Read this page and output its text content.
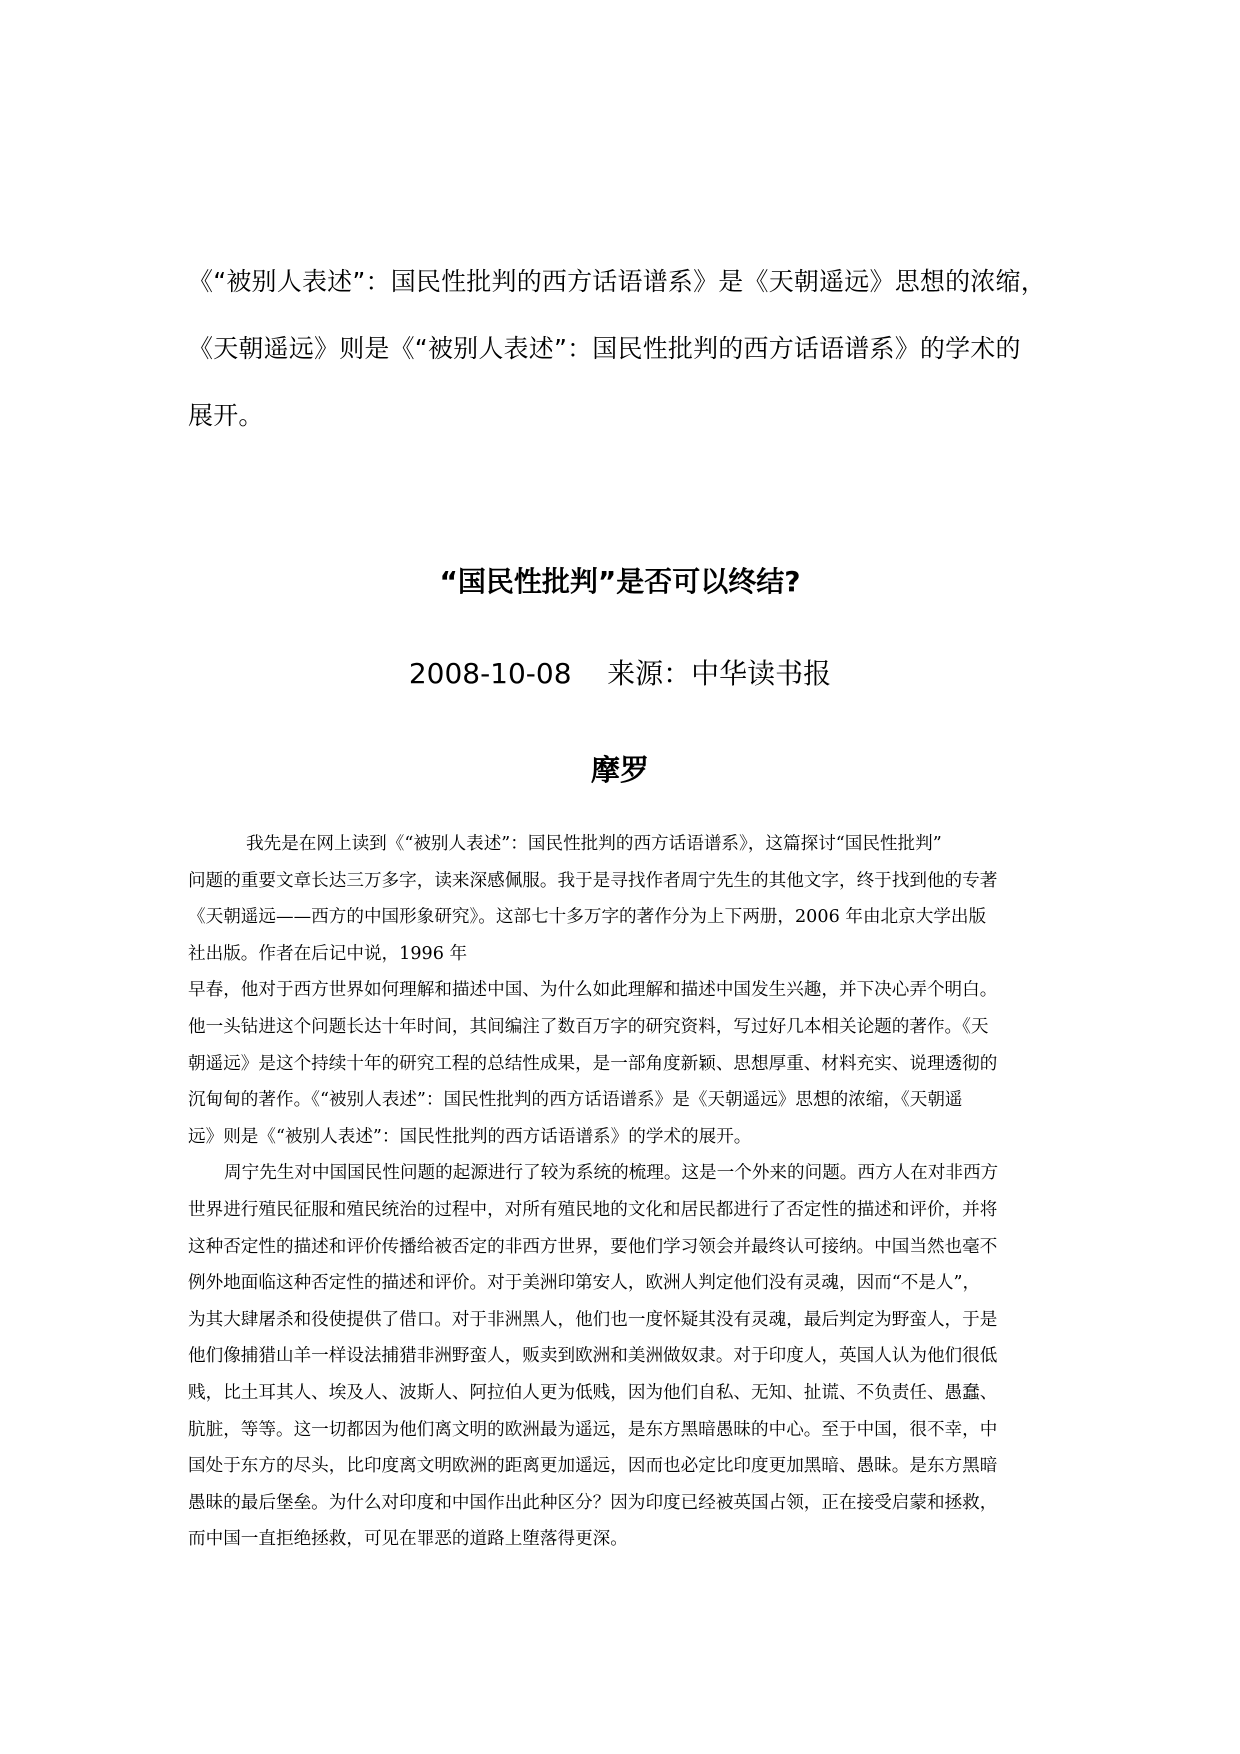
《“被别人表述”：国民性批判的西方话语谱系》是《天朝遥远》思想的浓缩，

《天朝遥远》则是《“被别人表述”：国民性批判的西方话语谱系》的学术的

展开。

“国民性批判”是否可以终结?
2008-10-08 来源：中华读书报
摩罗

我先是在网上读到《“被别人表述”：国民性批判的西方话语谱系》，这篇探讨“国民性批判”

问题的重要文章长达三万多字，读来深感佩服。我于是寻找作者周宁先生的其他文字，终于找到他的专著

《天朝遥远——西方的中国形象研究》。这部七十多万字的著作分为上下两册，2006 年由北京大学出版

社出版。作者在后记中说，1996 年

早春，他对于西方世界如何理解和描述中国、为什么如此理解和描述中国发生兴趣，并下决心弄个明白。

他一头钻进这个问题长达十年时间，其间编注了数百万字的研究资料，写过好几本相关论题的著作。《天

朝遥远》是这个持续十年的研究工程的总结性成果，是一部角度新颖、思想厚重、材料充实、说理透彻的

沉甸甸的著作。《“被别人表述”：国民性批判的西方话语谱系》是《天朝遥远》思想的浓缩，《天朝遥

远》则是《“被别人表述”：国民性批判的西方话语谱系》的学术的展开。

周宁先生对中国国民性问题的起源进行了较为系统的梳理。这是一个外来的问题。西方人在对非西方

世界进行殖民征服和殖民统治的过程中，对所有殖民地的文化和居民都进行了否定性的描述和评价，并将

这种否定性的描述和评价传播给被否定的非西方世界，要他们学习领会并最终认可接纳。中国当然也毫不

例外地面临这种否定性的描述和评价。对于美洲印第安人，欧洲人判定他们没有灵魂，因而“不是人”，

为其大肆屠杀和役使提供了借口。对于非洲黑人，他们也一度怀疑其没有灵魂，最后判定为野蛮人，于是

他们像捕猎山羊一样设法捕猎非洲野蛮人，贩卖到欧洲和美洲做奴隶。对于印度人，英国人认为他们很低

贱，比土耳其人、埃及人、波斯人、阿拉伯人更为低贱，因为他们自私、无知、扯谎、不负责任、愚蠢、

肮脏，等等。这一切都因为他们离文明的欧洲最为遥远，是东方黑暗愚昧的中心。至于中国，很不幸，中

国处于东方的尽头，比印度离文明欧洲的距离更加遥远，因而也必定比印度更加黑暗、愚昧。是东方黑暗

愚昧的最后堡垒。为什么对印度和中国作出此种区分？因为印度已经被英国占领，正在接受启蒙和拯救，

而中国一直拒绝拯救，可见在罪恶的道路上堕落得更深。
